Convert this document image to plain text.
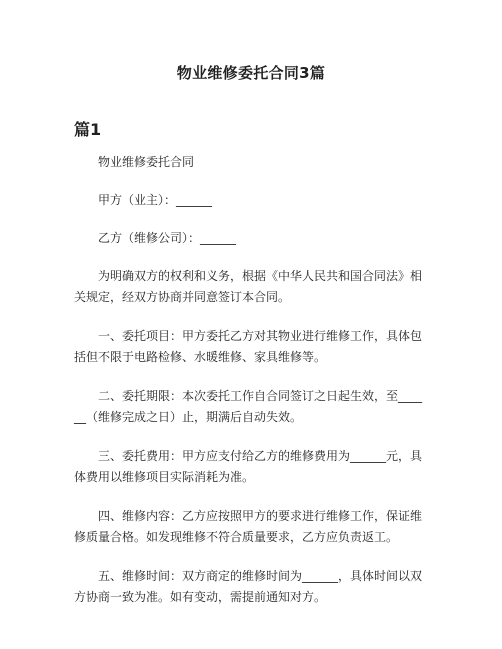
物业维修委托合同3篇
篇1

物业维修委托合同

甲方（业主）：______

乙方（维修公司）：______

为明确双方的权利和义务，根据《中华人民共和国合同法》相关规定，经双方协商并同意签订本合同。

一、委托项目：甲方委托乙方对其物业进行维修工作，具体包括但不限于电路检修、水暖维修、家具维修等。

二、委托期限：本次委托工作自合同签订之日起生效，至______（维修完成之日）止，期满后自动失效。

三、委托费用：甲方应支付给乙方的维修费用为______元，具体费用以维修项目实际消耗为准。

四、维修内容：乙方应按照甲方的要求进行维修工作，保证维修质量合格。如发现维修不符合质量要求，乙方应负责返工。

五、维修时间：双方商定的维修时间为______，具体时间以双方协商一致为准。如有变动，需提前通知对方。
